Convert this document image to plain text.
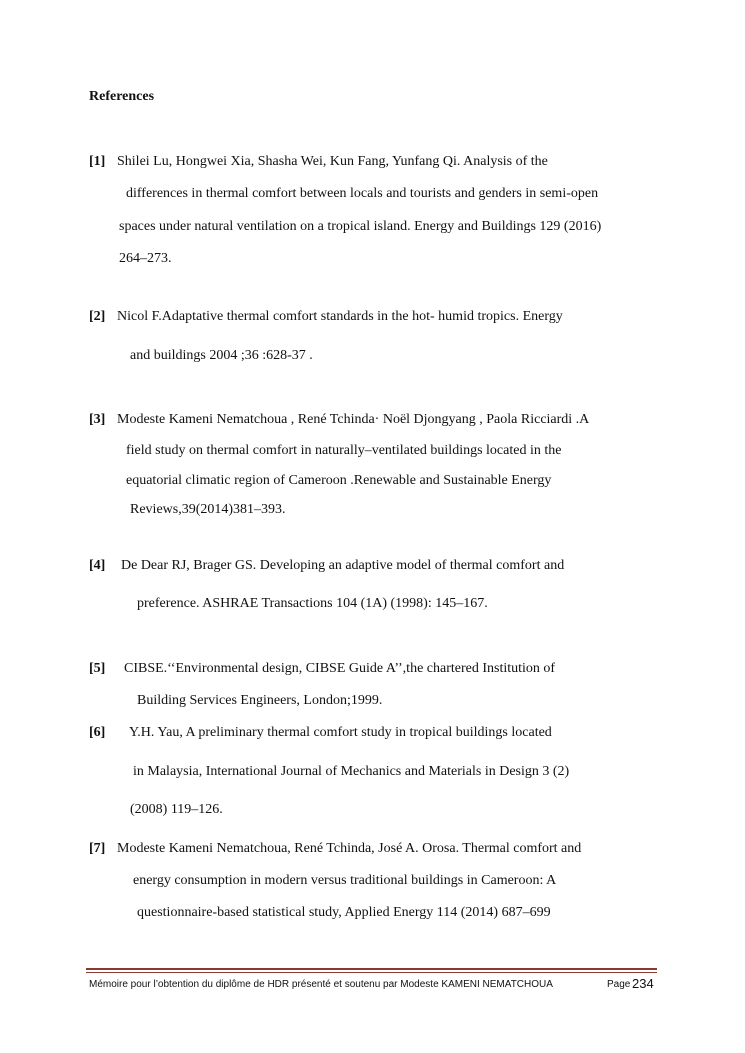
References
[1] Shilei Lu, Hongwei Xia, Shasha Wei, Kun Fang, Yunfang Qi. Analysis of the
differences in thermal comfort between locals and tourists and genders in semi-open
spaces under natural ventilation on a tropical island. Energy and Buildings 129 (2016)
264–273.
[2] Nicol F.Adaptative thermal comfort standards in the hot- humid tropics. Energy
and buildings 2004 ;36 :628-37 .
[3] Modeste Kameni Nematchoua , René Tchinda· Noël Djongyang , Paola Ricciardi .A
field study on thermal comfort in naturally–ventilated buildings located in the
equatorial climatic region of Cameroon .Renewable and Sustainable Energy
Reviews,39(2014)381–393.
[4] De Dear RJ, Brager GS. Developing an adaptive model of thermal comfort and
preference. ASHRAE Transactions 104 (1A) (1998): 145–167.
[5] CIBSE.‘‘Environmental design, CIBSE Guide A’’,the chartered Institution of
Building Services Engineers, London;1999.
[6] Y.H. Yau, A preliminary thermal comfort study in tropical buildings located
in Malaysia, International Journal of Mechanics and Materials in Design 3 (2)
(2008) 119–126.
[7] Modeste Kameni Nematchoua, René Tchinda, José A. Orosa. Thermal comfort and
energy consumption in modern versus traditional buildings in Cameroon: A
questionnaire-based statistical study, Applied Energy 114 (2014) 687–699
Mémoire pour l’obtention du diplôme de HDR présenté et soutenu par Modeste KAMENI NEMATCHOUA	Page 234
